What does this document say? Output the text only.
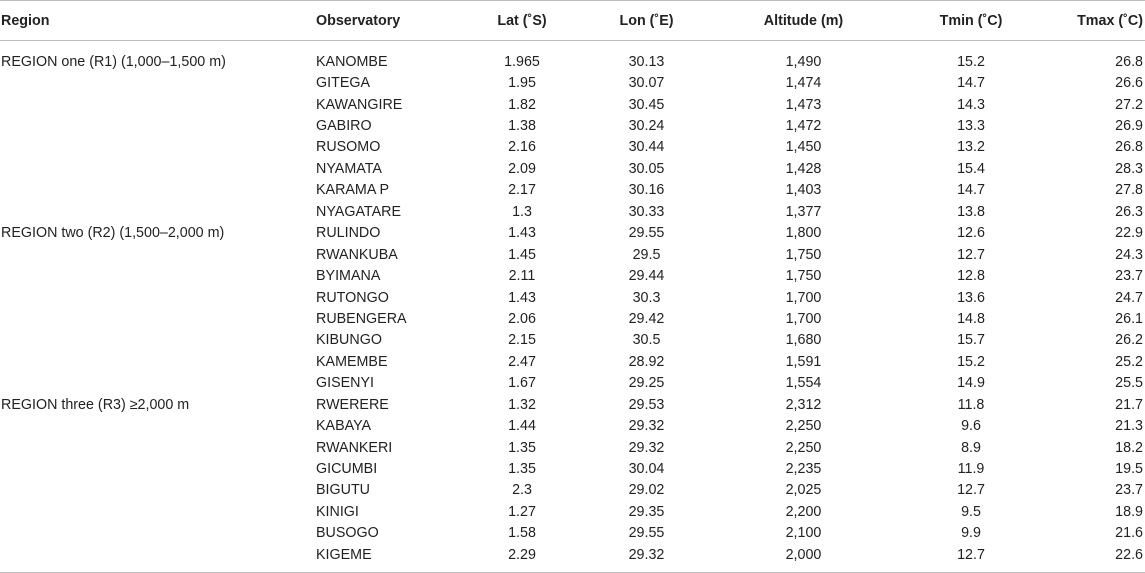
Region	Observatory	Lat (˚S)	Lon (˚E)	Altitude (m)	Tmin (˚C)	Tmax (˚C)
REGION one (R1) (1,000–1,500 m)	KANOMBE	1.965	30.13	1,490	15.2	26.8
	GITEGA	1.95	30.07	1,474	14.7	26.6
	KAWANGIRE	1.82	30.45	1,473	14.3	27.2
	GABIRO	1.38	30.24	1,472	13.3	26.9
	RUSOMO	2.16	30.44	1,450	13.2	26.8
	NYAMATA	2.09	30.05	1,428	15.4	28.3
	KARAMA P	2.17	30.16	1,403	14.7	27.8
	NYAGATARE	1.3	30.33	1,377	13.8	26.3
REGION two (R2) (1,500–2,000 m)	RULINDO	1.43	29.55	1,800	12.6	22.9
	RWANKUBA	1.45	29.5	1,750	12.7	24.3
	BYIMANA	2.11	29.44	1,750	12.8	23.7
	RUTONGO	1.43	30.3	1,700	13.6	24.7
	RUBENGERA	2.06	29.42	1,700	14.8	26.1
	KIBUNGO	2.15	30.5	1,680	15.7	26.2
	KAMEMBE	2.47	28.92	1,591	15.2	25.2
	GISENYI	1.67	29.25	1,554	14.9	25.5
REGION three (R3) ≥2,000 m	RWERERE	1.32	29.53	2,312	11.8	21.7
	KABAYA	1.44	29.32	2,250	9.6	21.3
	RWANKERI	1.35	29.32	2,250	8.9	18.2
	GICUMBI	1.35	30.04	2,235	11.9	19.5
	BIGUTU	2.3	29.02	2,025	12.7	23.7
	KINIGI	1.27	29.35	2,200	9.5	18.9
	BUSOGO	1.58	29.55	2,100	9.9	21.6
	KIGEME	2.29	29.32	2,000	12.7	22.6
